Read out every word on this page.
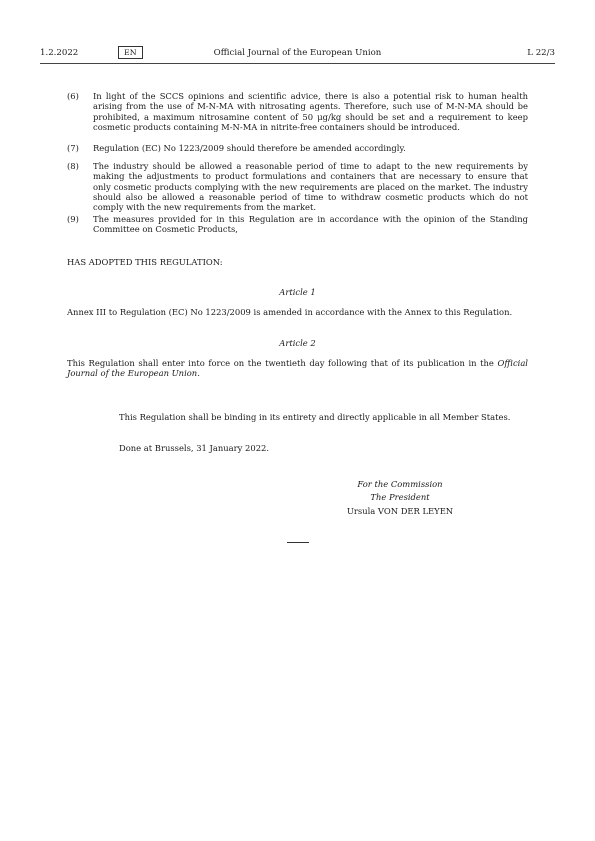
1.2.2022	EN	Official Journal of the European Union	L 22/3
(6) In light of the SCCS opinions and scientific advice, there is also a potential risk to human health arising from the use of M-N-MA with nitrosating agents. Therefore, such use of M-N-MA should be prohibited, a maximum nitrosamine content of 50 μg/kg should be set and a requirement to keep cosmetic products containing M-N-MA in nitrite-free containers should be introduced.
(7) Regulation (EC) No 1223/2009 should therefore be amended accordingly.
(8) The industry should be allowed a reasonable period of time to adapt to the new requirements by making the adjustments to product formulations and containers that are necessary to ensure that only cosmetic products complying with the new requirements are placed on the market. The industry should also be allowed a reasonable period of time to withdraw cosmetic products which do not comply with the new requirements from the market.
(9) The measures provided for in this Regulation are in accordance with the opinion of the Standing Committee on Cosmetic Products,
HAS ADOPTED THIS REGULATION:
Article 1
Annex III to Regulation (EC) No 1223/2009 is amended in accordance with the Annex to this Regulation.
Article 2
This Regulation shall enter into force on the twentieth day following that of its publication in the Official Journal of the European Union.
This Regulation shall be binding in its entirety and directly applicable in all Member States.
Done at Brussels, 31 January 2022.
For the Commission
The President
Ursula VON DER LEYEN
